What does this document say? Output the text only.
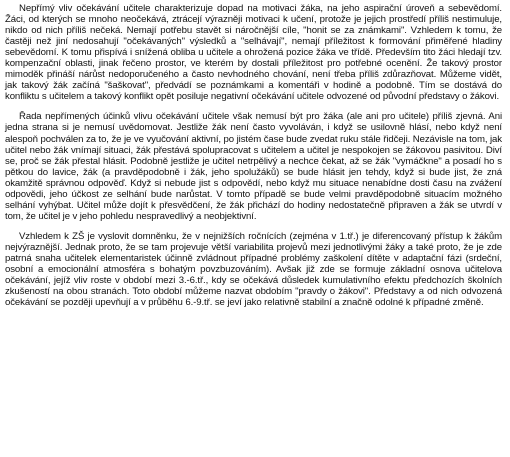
Nepřímý vliv očekávání učitele charakterizuje dopad na motivaci žáka, na jeho aspirační úroveň a sebevědomí. Žáci, od kterých se mnoho neočekává, ztrácejí výrazněji motivaci k učení, protože je jejich prostředí příliš nestimuluje, nikdo od nich příliš nečeká. Nemají potřebu stavět si náročnější cíle, "honit se za známkami". Vzhledem k tomu, že častěji než jiní nedosahují "očekávaných" výsledků a "selhávají", nemají příležitost k formování přiměřené hladiny sebevědomí. K tomu přispívá i snížená obliba u učitele a ohrožená pozice žáka ve třídě. Především tito žáci hledají tzv. kompenzační oblasti, jinak řečeno prostor, ve kterém by dostali příležitost pro potřebné ocenění. Že takový prostor mimoděk přináší nárůst nedoporučeného a často nevhodného chování, není třeba příliš zdůrazňovat. Můžeme vidět, jak takový žák začíná "šaškovat", předvádí se poznámkami a komentáři v hodině a podobně. Tím se dostává do konfliktu s učitelem a takový konflikt opět posiluje negativní očekávání učitele odvozené od původní představy o žákovi.

Řada nepřímených účinků vlivu očekávání učitele však nemusí být pro žáka (ale ani pro učitele) příliš zjevná. Ani jedna strana si je nemusí uvědomovat. Jestliže žák není často vyvoláván, i když se usilovně hlásí, nebo když není alespoň pochválen za to, že je ve vyučování aktivní, po jistém čase bude zvedat ruku stále řidčeji. Nezávisle na tom, jak učitel nebo žák vnímají situaci, žák přestává spolupracovat s učitelem a učitel je nespokojen se žákovou pasivitou. Diví se, proč se žák přestal hlásit. Podobně jestliže je učitel netrpělivý a nechce čekat, až se žák "vymáčkne" a posadí ho s pětkou do lavice, žák (a pravděpodobně i žák, jeho spolužáků) se bude hlásit jen tehdy, když si bude jist, že zná okamžitě správnou odpověď. Když si nebude jist s odpovědí, nebo když mu situace nenabídne dosti času na zvážení odpovědi, jeho účkost ze selhání bude narůstat. V tomto případě se bude velmi pravděpodobně situacím možného selhání vyhýbat. Učitel může dojít k přesvědčení, že žák přichází do hodiny nedostatečně připraven a žák se utvrdí v tom, že učitel je v jeho pohledu nespravedlivý a neobjektivní.

Vzhledem k ZŠ je vyslovit domněnku, že v nejnižších ročnících (zejména v 1.tř.) je diferencovaný přístup k žákům nejvýraznější. Jednak proto, že se tam projevuje větší variabilita projevů mezi jednotlivými žáky a také proto, že je zde patrná snaha učitelek elementaristek účinně zvládnout případné problémy zaškolení dítěte v adaptační fázi (srdeční, osobní a emocionální atmosféra s bohatým povzbuzováním). Avšak již zde se formuje základní osnova učitelova očekávání, jejíž vliv roste v období mezi 3.-6.tř., kdy se očekává důsledek kumulativního efektu předchozích školních zkušeností na obou stranách. Toto období můžeme nazvat obdobím "pravdy o žákovi". Představy a od nich odvozená očekávání se později upevňují a v průběhu 6.-9.tř. se jeví jako relativně stabilní a značně odolné k případné změně.
